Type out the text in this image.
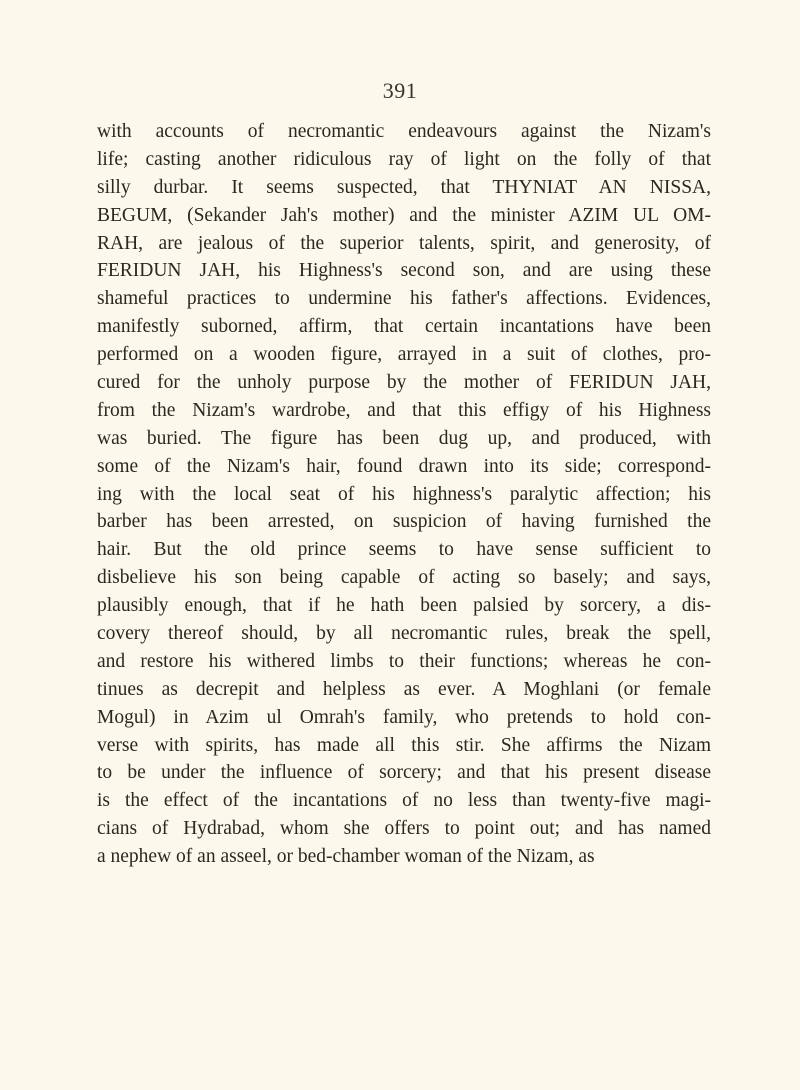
391
with accounts of necromantic endeavours against the Nizam's
life; casting another ridiculous ray of light on the folly of that
silly durbar. It seems suspected, that THYNIAT AN NISSA,
BEGUM, (Sekander Jah's mother) and the minister AZIM UL OM-
RAH, are jealous of the superior talents, spirit, and generosity, of
FERIDUN JAH, his Highness's second son, and are using these
shameful practices to undermine his father's affections. Evidences,
manifestly suborned, affirm, that certain incantations have been
performed on a wooden figure, arrayed in a suit of clothes, pro-
cured for the unholy purpose by the mother of FERIDUN JAH,
from the Nizam's wardrobe, and that this effigy of his Highness
was buried. The figure has been dug up, and produced, with
some of the Nizam's hair, found drawn into its side; correspond-
ing with the local seat of his highness's paralytic affection; his
barber has been arrested, on suspicion of having furnished the
hair. But the old prince seems to have sense sufficient to
disbelieve his son being capable of acting so basely; and says,
plausibly enough, that if he hath been palsied by sorcery, a dis-
covery thereof should, by all necromantic rules, break the spell,
and restore his withered limbs to their functions; whereas he con-
tinues as decrepit and helpless as ever. A Moghlani (or female
Mogul) in Azim ul Omrah's family, who pretends to hold con-
verse with spirits, has made all this stir. She affirms the Nizam
to be under the influence of sorcery; and that his present disease
is the effect of the incantations of no less than twenty-five magi-
cians of Hydrabad, whom she offers to point out; and has named
a nephew of an asseel, or bed-chamber woman of the Nizam, as
